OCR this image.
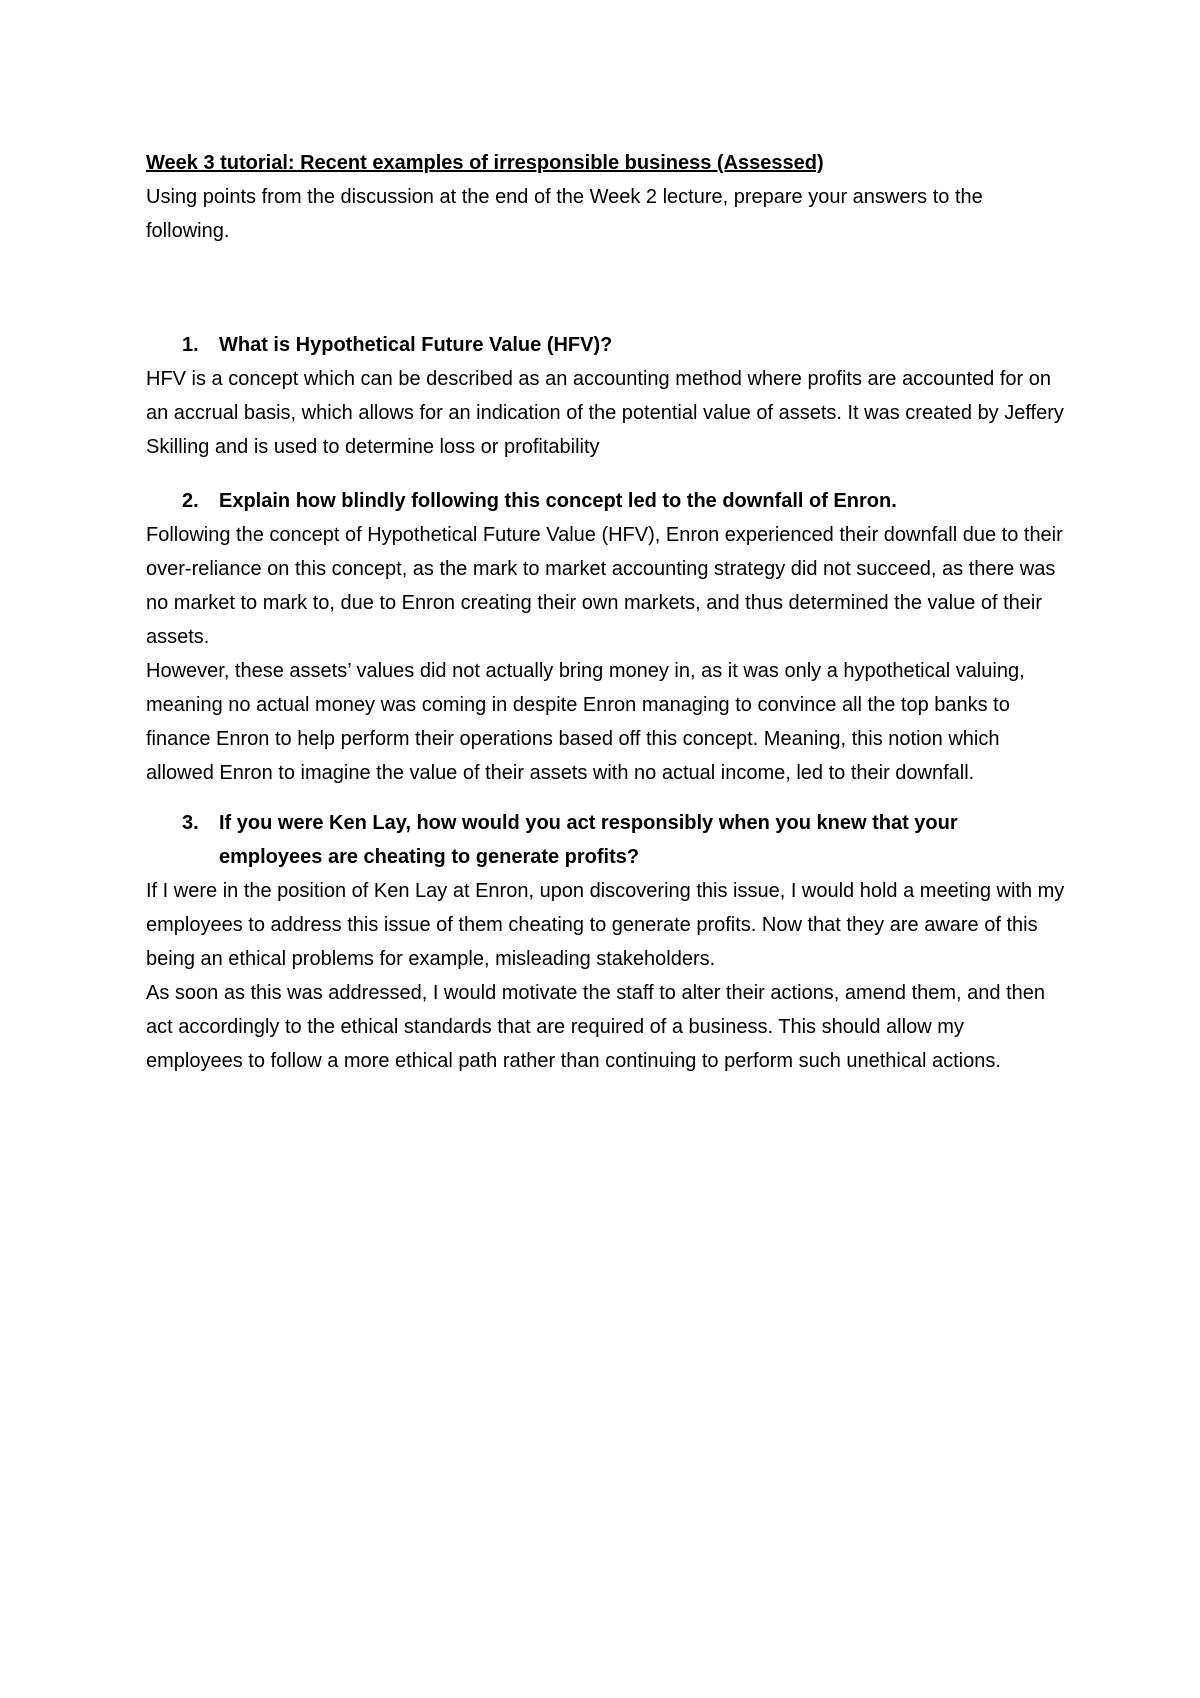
Week 3 tutorial: Recent examples of irresponsible business (Assessed)

Using points from the discussion at the end of the Week 2 lecture, prepare your answers to the following.

1.	What is Hypothetical Future Value (HFV)?

HFV is a concept which can be described as an accounting method where profits are accounted for on an accrual basis, which allows for an indication of the potential value of assets. It was created by Jeffery Skilling and is used to determine loss or profitability

2.	Explain how blindly following this concept led to the downfall of Enron.

Following the concept of Hypothetical Future Value (HFV), Enron experienced their downfall due to their over-reliance on this concept, as the mark to market accounting strategy did not succeed, as there was no market to mark to, due to Enron creating their own markets, and thus determined the value of their assets.

However, these assets’ values did not actually bring money in, as it was only a hypothetical valuing, meaning no actual money was coming in despite Enron managing to convince all the top banks to finance Enron to help perform their operations based off this concept. Meaning, this notion which allowed Enron to imagine the value of their assets with no actual income, led to their downfall.

3.	If you were Ken Lay, how would you act responsibly when you knew that your employees are cheating to generate profits?

If I were in the position of Ken Lay at Enron, upon discovering this issue, I would hold a meeting with my employees to address this issue of them cheating to generate profits. Now that they are aware of this being an ethical problems for example, misleading stakeholders.

As soon as this was addressed, I would motivate the staff to alter their actions, amend them, and then act accordingly to the ethical standards that are required of a business. This should allow my employees to follow a more ethical path rather than continuing to perform such unethical actions.
